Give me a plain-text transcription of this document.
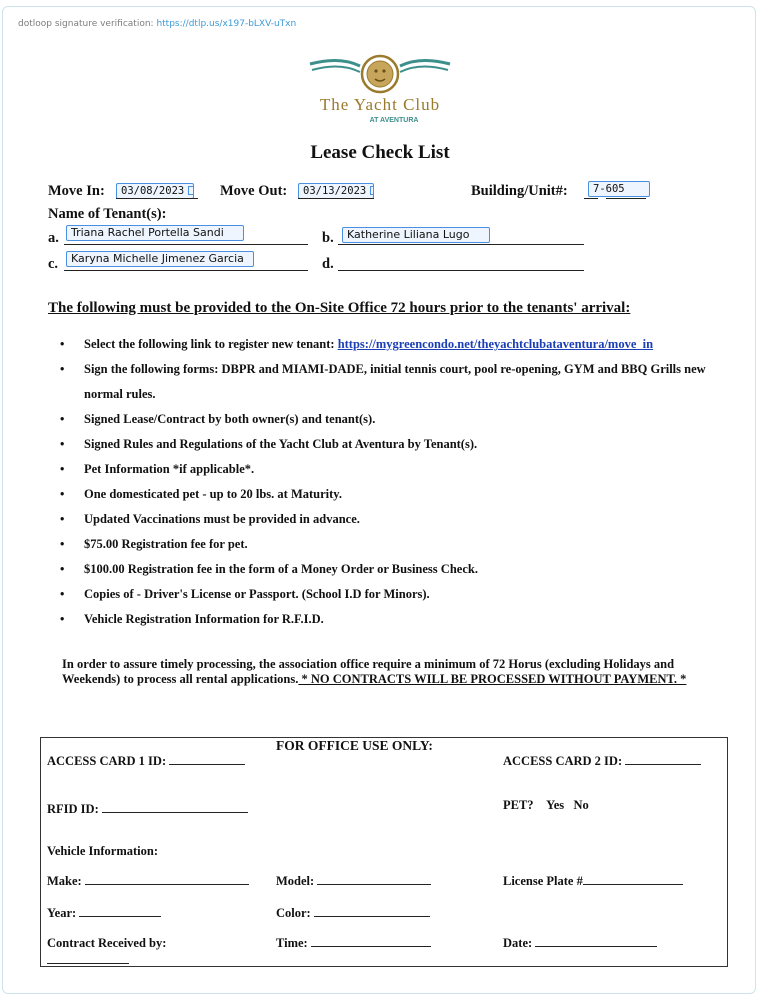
dotloop signature verification: https://dtlp.us/x197-bLXV-uTxn
The Yacht Club
AT AVENTURA
Lease Check List
Move In:	03/08/2023	Move Out:	03/13/2023	Building/Unit#:	7-605
Name of Tenant(s):
a.	Triana Rachel Portella Sandi	b.	Katherine Liliana Lugo
c.	Karyna Michelle Jimenez Garcia	d.
The following must be provided to the On-Site Office 72 hours prior to the tenants' arrival:
• Select the following link to register new tenant: https://mygreencondo.net/theyachtclubataventura/move_in
• Sign the following forms: DBPR and MIAMI-DADE, initial tennis court, pool re-opening, GYM and BBQ Grills new normal rules.
• Signed Lease/Contract by both owner(s) and tenant(s).
• Signed Rules and Regulations of the Yacht Club at Aventura by Tenant(s).
• Pet Information *if applicable*.
• One domesticated pet - up to 20 lbs. at Maturity.
• Updated Vaccinations must be provided in advance.
• $75.00 Registration fee for pet.
• $100.00 Registration fee in the form of a Money Order or Business Check.
• Copies of - Driver's License or Passport. (School I.D for Minors).
• Vehicle Registration Information for R.F.I.D.
In order to assure timely processing, the association office require a minimum of 72 Horus (excluding Holidays and Weekends) to process all rental applications. * NO CONTRACTS WILL BE PROCESSED WITHOUT PAYMENT. *
FOR OFFICE USE ONLY:
ACCESS CARD 1 ID:	ACCESS CARD 2 ID:
RFID ID:	PET? Yes No
Vehicle Information:
Make:	Model:	License Plate #
Year:	Color:
Contract Received by:	Time:	Date:
